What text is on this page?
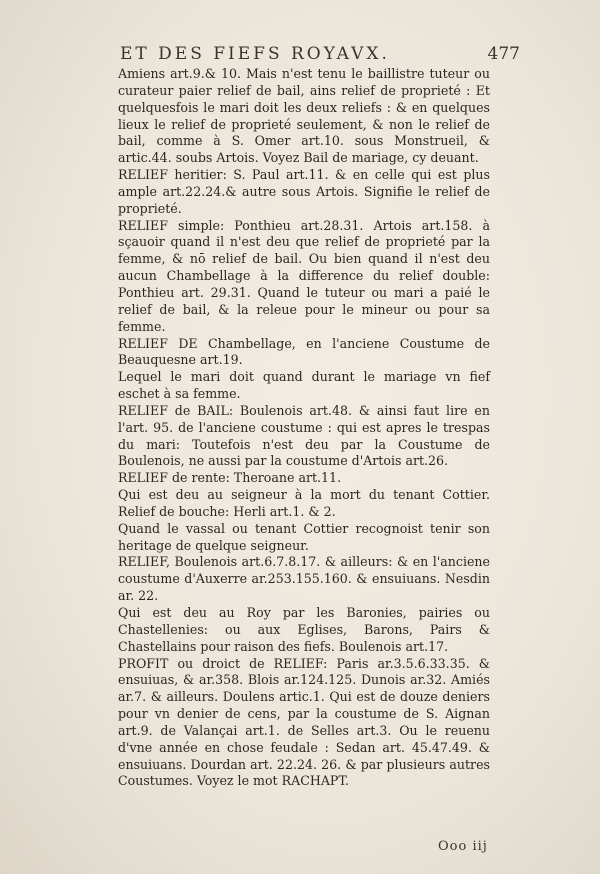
ET DES FIEFS ROYAVX.	477

Amiens art.9.& 10. Mais n'est tenu le baillistre tuteur ou curateur paier relief de bail, ains relief de proprieté : Et quelquesfois le mari doit les deux reliefs : & en quelques lieux le relief de proprieté seulement, & non le relief de bail, comme à S. Omer art.10. sous Monstrueil, & artic.44. soubs Artois. Voyez Bail de mariage, cy deuant.

RELIEF heritier: S. Paul art.11. & en celle qui est plus ample art.22.24.& autre sous Artois. Signifie le relief de proprieté.

RELIEF simple: Ponthieu art.28.31. Artois art.158. à sçauoir quand il n'est deu que relief de proprieté par la femme, & nō relief de bail. Ou bien quand il n'est deu aucun Chambellage à la difference du relief double: Ponthieu art. 29.31. Quand le tuteur ou mari a paié le relief de bail, & la releue pour le mineur ou pour sa femme.

RELIEF DE Chambellage, en l'anciene Coustume de Beauquesne art.19.

Lequel le mari doit quand durant le mariage vn fief eschet à sa femme.

RELIEF de BAIL: Boulenois art.48. & ainsi faut lire en l'art. 95. de l'anciene coustume : qui est apres le trespas du mari: Toutefois n'est deu par la Coustume de Boulenois, ne aussi par la coustume d'Artois art.26.

RELIEF de rente: Theroane art.11.

Qui est deu au seigneur à la mort du tenant Cottier. Relief de bouche: Herli art.1. & 2.

Quand le vassal ou tenant Cottier recognoist tenir son heritage de quelque seigneur.

RELIEF, Boulenois art.6.7.8.17. & ailleurs: & en l'anciene coustume d'Auxerre ar.253.155.160. & ensuiuans. Nesdin ar. 22.

Qui est deu au Roy par les Baronies, pairies ou Chastellenies: ou aux Eglises, Barons, Pairs & Chastellains pour raison des fiefs. Boulenois art.17.

PROFIT ou droict de RELIEF: Paris ar.3.5.6.33.35. & ensuiuas, & ar.358. Blois ar.124.125. Dunois ar.32. Amiés ar.7. & ailleurs. Doulens artic.1. Qui est de douze deniers pour vn denier de cens, par la coustume de S. Aignan art.9. de Valançai art.1. de Selles art.3. Ou le reuenu d'vne année en chose feudale : Sedan art. 45.47.49. & ensuiuans. Dourdan art. 22.24. 26. & par plusieurs autres Coustumes. Voyez le mot RACHAPT.

Ooo iij
